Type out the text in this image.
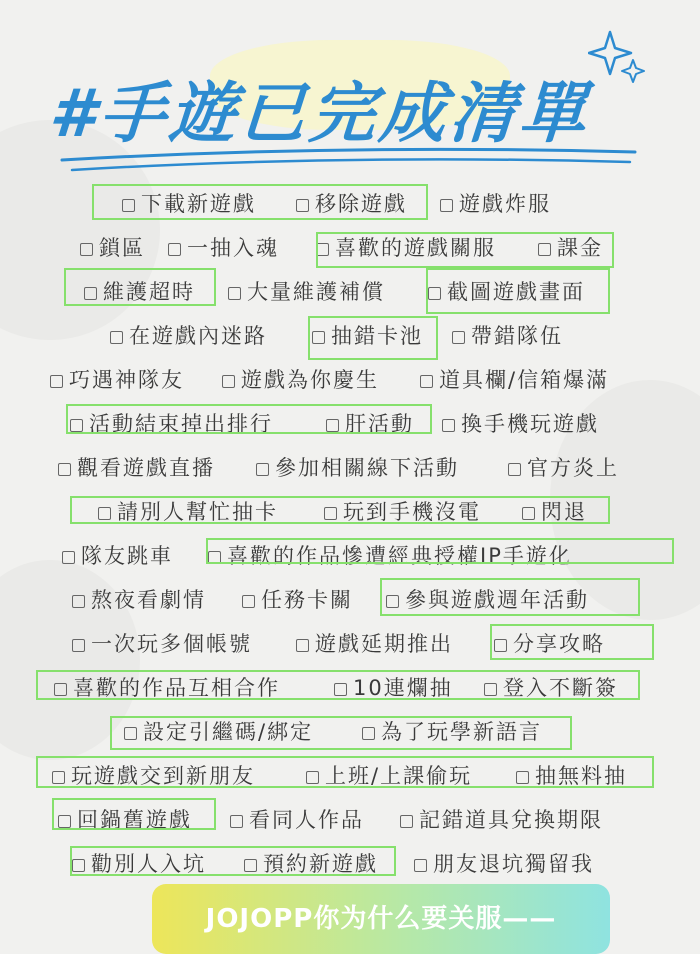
#手遊已完成清單
下載新遊戲	移除遊戲	遊戲炸服
鎖區	一抽入魂	喜歡的遊戲關服	課金
維護超時	大量維護補償	截圖遊戲畫面
在遊戲內迷路	抽錯卡池	帶錯隊伍
巧遇神隊友	遊戲為你慶生	道具欄/信箱爆滿
活動結束掉出排行	肝活動	換手機玩遊戲
觀看遊戲直播	參加相關線下活動	官方炎上
請別人幫忙抽卡	玩到手機沒電	閃退
隊友跳車	喜歡的作品慘遭經典授權IP手遊化
熬夜看劇情	任務卡關	參與遊戲週年活動
一次玩多個帳號	遊戲延期推出	分享攻略
喜歡的作品互相合作	10連爛抽	登入不斷簽
設定引繼碼/綁定	為了玩學新語言
玩遊戲交到新朋友	上班/上課偷玩	抽無料抽
回鍋舊遊戲	看同人作品	記錯道具兌換期限
勸別人入坑	預約新遊戲	朋友退坑獨留我
JOJOPP你为什么要关服——
